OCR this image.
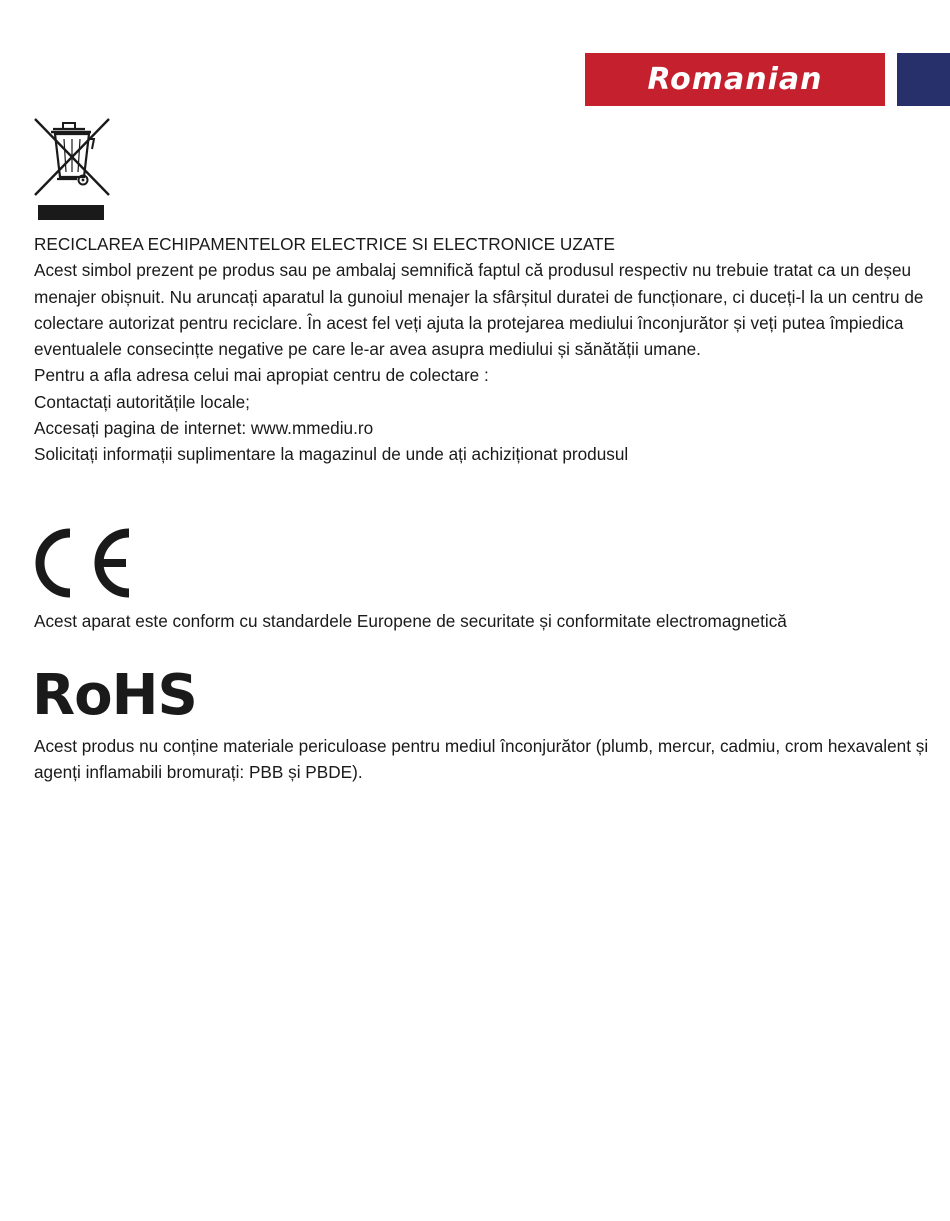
Romanian

RECICLAREA ECHIPAMENTELOR ELECTRICE SI ELECTRONICE UZATE

Acest simbol prezent pe produs sau pe ambalaj semnifică faptul că produsul respectiv nu trebuie tratat ca un deșeu menajer obișnuit. Nu aruncați aparatul la gunoiul menajer la sfârșitul duratei de funcționare, ci duceți-l la un centru de colectare autorizat pentru reciclare. În acest fel veți ajuta la protejarea mediului înconjurător și veți putea împiedica eventualele consecințte negative pe care le-ar avea asupra mediului și sănătății umane.

Pentru a afla adresa celui mai apropiat centru de colectare :

Contactați autoritățile locale;

Accesați pagina de internet: www.mmediu.ro

Solicitați informații suplimentare la magazinul de unde ați achiziționat produsul

Acest aparat este conform cu standardele Europene de securitate și conformitate electromagnetică

RoHS

Acest produs nu conține materiale periculoase pentru mediul înconjurător (plumb, mercur, cadmiu, crom hexavalent și agenți inflamabili bromurați: PBB și PBDE).
